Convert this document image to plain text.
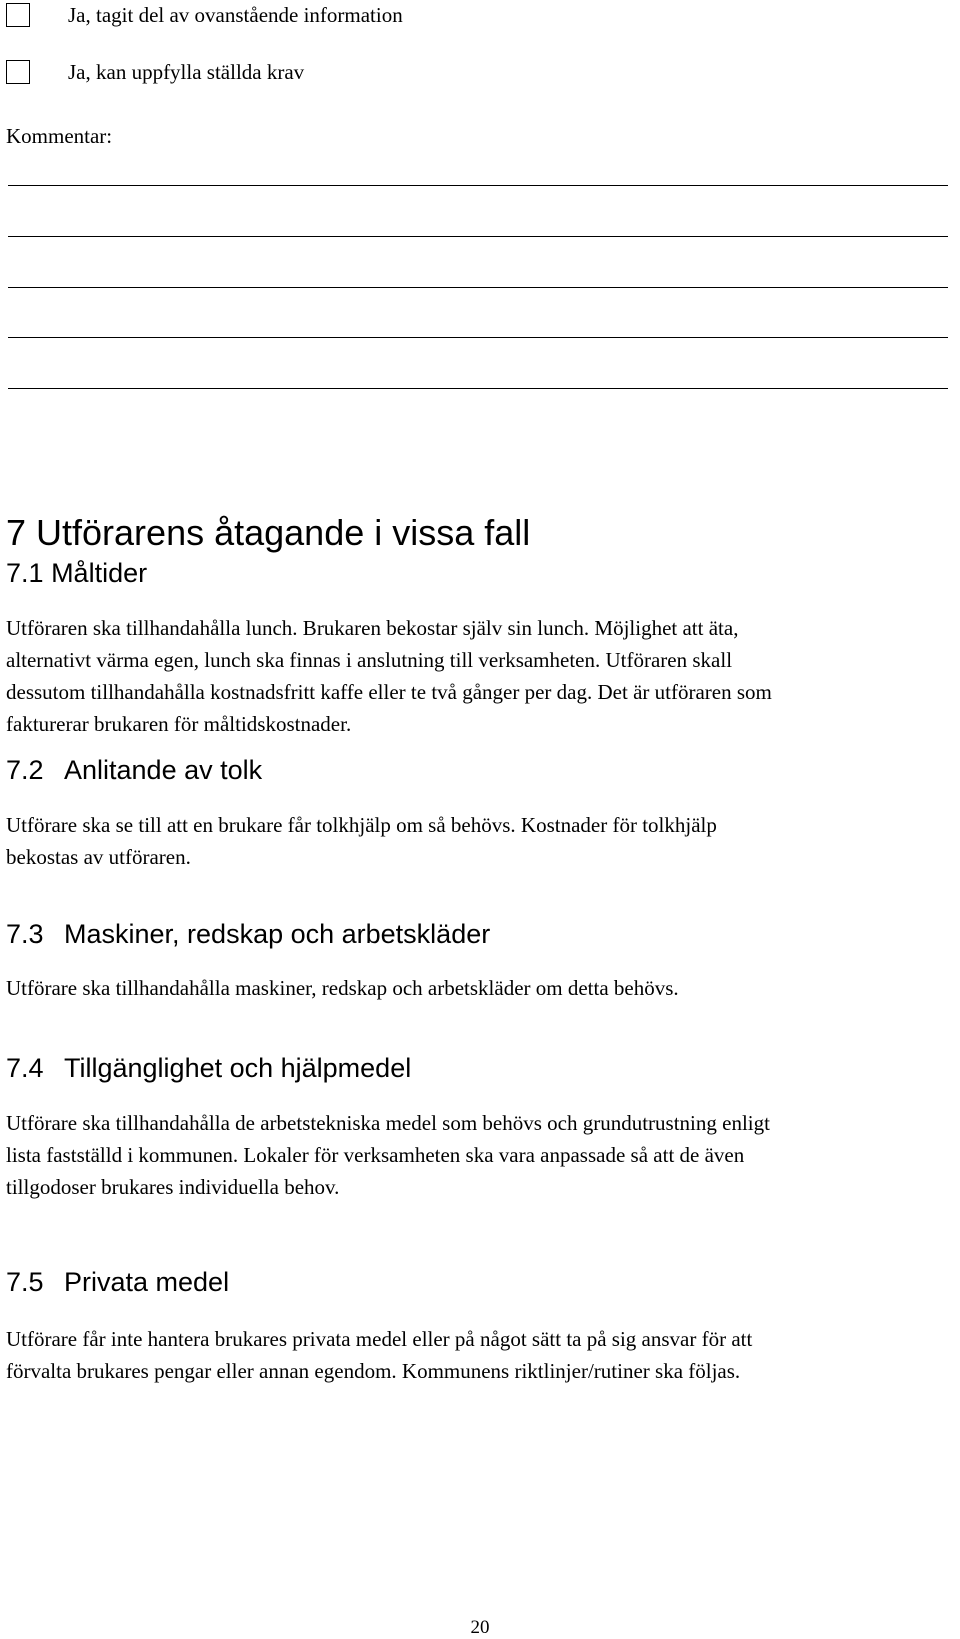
Ja, tagit del av ovanstående information
Ja, kan uppfylla ställda krav
Kommentar:
7 Utförarens åtagande i vissa fall
7.1 Måltider
Utföraren ska tillhandahålla lunch. Brukaren bekostar själv sin lunch. Möjlighet att äta,
alternativt värma egen, lunch ska finnas i anslutning till verksamheten. Utföraren skall
dessutom tillhandahålla kostnadsfritt kaffe eller te två gånger per dag. Det är utföraren som
fakturerar brukaren för måltidskostnader.
7.2 Anlitande av tolk
Utförare ska se till att en brukare får tolkhjälp om så behövs. Kostnader för tolkhjälp
bekostas av utföraren.
7.3 Maskiner, redskap och arbetskläder
Utförare ska tillhandahålla maskiner, redskap och arbetskläder om detta behövs.
7.4 Tillgänglighet och hjälpmedel
Utförare ska tillhandahålla de arbetstekniska medel som behövs och grundutrustning enligt
lista fastställd i kommunen. Lokaler för verksamheten ska vara anpassade så att de även
tillgodoser brukares individuella behov.
7.5 Privata medel
Utförare får inte hantera brukares privata medel eller på något sätt ta på sig ansvar för att
förvalta brukares pengar eller annan egendom. Kommunens riktlinjer/rutiner ska följas.
20
